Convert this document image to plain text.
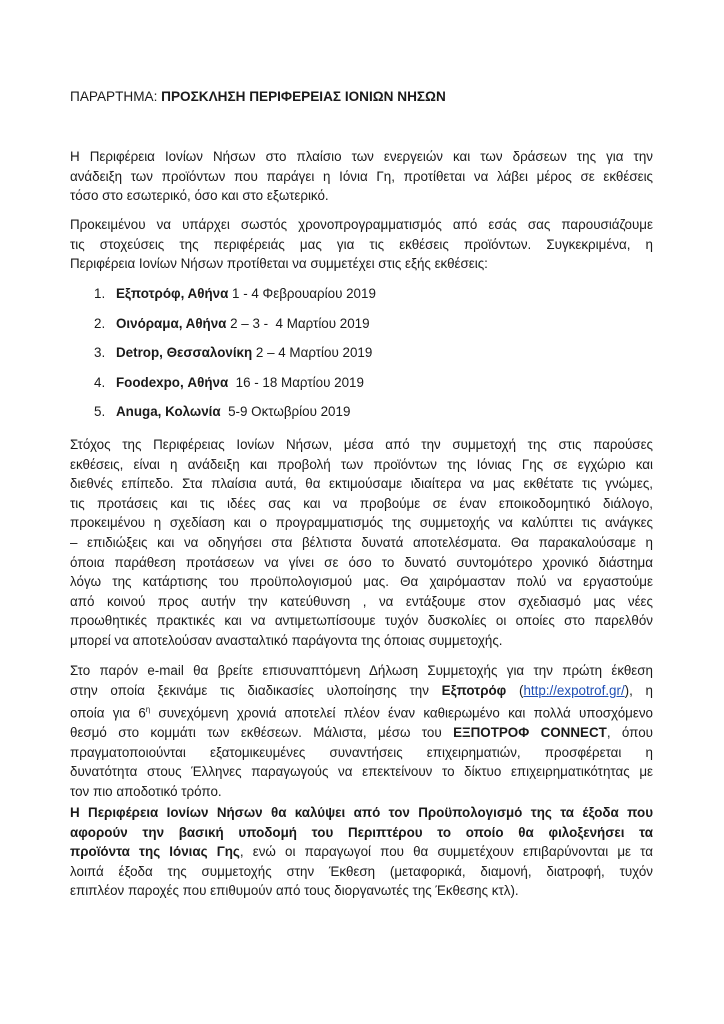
ΠΑΡΑΡΤΗΜΑ: ΠΡΟΣΚΛΗΣΗ ΠΕΡΙΦΕΡΕΙΑΣ ΙΟΝΙΩΝ ΝΗΣΩΝ
Η Περιφέρεια Ιονίων Νήσων στο πλαίσιο των ενεργειών και των δράσεων της για την
ανάδειξη των προϊόντων που παράγει η Ιόνια Γη, προτίθεται να λάβει μέρος σε εκθέσεις
τόσο στο εσωτερικό, όσο και στο εξωτερικό.
Προκειμένου να υπάρχει σωστός χρονοπρογραμματισμός από εσάς σας παρουσιάζουμε
τις στοχεύσεις της περιφέρειάς μας για τις εκθέσεις προϊόντων. Συγκεκριμένα, η
Περιφέρεια Ιονίων Νήσων προτίθεται να συμμετέχει στις εξής εκθέσεις:
1. Εξποτρόφ, Αθήνα 1 - 4 Φεβρουαρίου 2019
2. Οινόραμα, Αθήνα 2 – 3 -  4 Μαρτίου 2019
3. Detrop, Θεσσαλονίκη 2 – 4 Μαρτίου 2019
4. Foodexpo, Αθήνα  16 - 18 Μαρτίου 2019
5. Anuga, Κολωνία  5-9 Οκτωβρίου 2019
Στόχος της Περιφέρειας Ιονίων Νήσων, μέσα από την συμμετοχή της στις παρούσες
εκθέσεις, είναι η ανάδειξη και προβολή των προϊόντων της Ιόνιας Γης σε εγχώριο και
διεθνές επίπεδο. Στα πλαίσια αυτά, θα εκτιμούσαμε ιδιαίτερα να μας εκθέτατε τις γνώμες,
τις προτάσεις και τις ιδέες σας και να προβούμε σε έναν εποικοδομητικό διάλογο,
προκειμένου η σχεδίαση και ο προγραμματισμός της συμμετοχής να καλύπτει τις ανάγκες
– επιδιώξεις και να οδηγήσει στα βέλτιστα δυνατά αποτελέσματα. Θα παρακαλούσαμε η
όποια παράθεση προτάσεων να γίνει σε όσο το δυνατό συντομότερο χρονικό διάστημα
λόγω της κατάρτισης του προϋπολογισμού μας. Θα χαιρόμασταν πολύ να εργαστούμε
από κοινού προς αυτήν την κατεύθυνση , να εντάξουμε στον σχεδιασμό μας νέες
προωθητικές πρακτικές και να αντιμετωπίσουμε τυχόν δυσκολίες οι οποίες στο παρελθόν
μπορεί να αποτελούσαν ανασταλτικό παράγοντα της όποιας συμμετοχής.
Στο παρόν e-mail θα βρείτε επισυναπτόμενη Δήλωση Συμμετοχής για την πρώτη έκθεση
στην οποία ξεκινάμε τις διαδικασίες υλοποίησης την Εξποτρόφ (http://expotrof.gr/), η
οποία για $6^\eta$ συνεχόμενη χρονιά αποτελεί πλέον έναν καθιερωμένο και πολλά υποσχόμενο
θεσμό στο κομμάτι των εκθέσεων. Μάλιστα, μέσω του ΕΞΠΟΤΡΟΦ CONNECT, όπου
πραγματοποιούνται εξατομικευμένες συναντήσεις επιχειρηματιών, προσφέρεται η
δυνατότητα στους Έλληνες παραγωγούς να επεκτείνουν το δίκτυο επιχειρηματικότητας με
τον πιο αποδοτικό τρόπο.
Η Περιφέρεια Ιονίων Νήσων θα καλύψει από τον Προϋπολογισμό της τα έξοδα που
αφορούν την βασική υποδομή του Περιπτέρου το οποίο θα φιλοξενήσει τα
προϊόντα της Ιόνιας Γης, ενώ οι παραγωγοί που θα συμμετέχουν επιβαρύνονται με τα
λοιπά έξοδα της συμμετοχής στην Έκθεση (μεταφορικά, διαμονή, διατροφή, τυχόν
επιπλέον παροχές που επιθυμούν από τους διοργανωτές της Έκθεσης κτλ).
